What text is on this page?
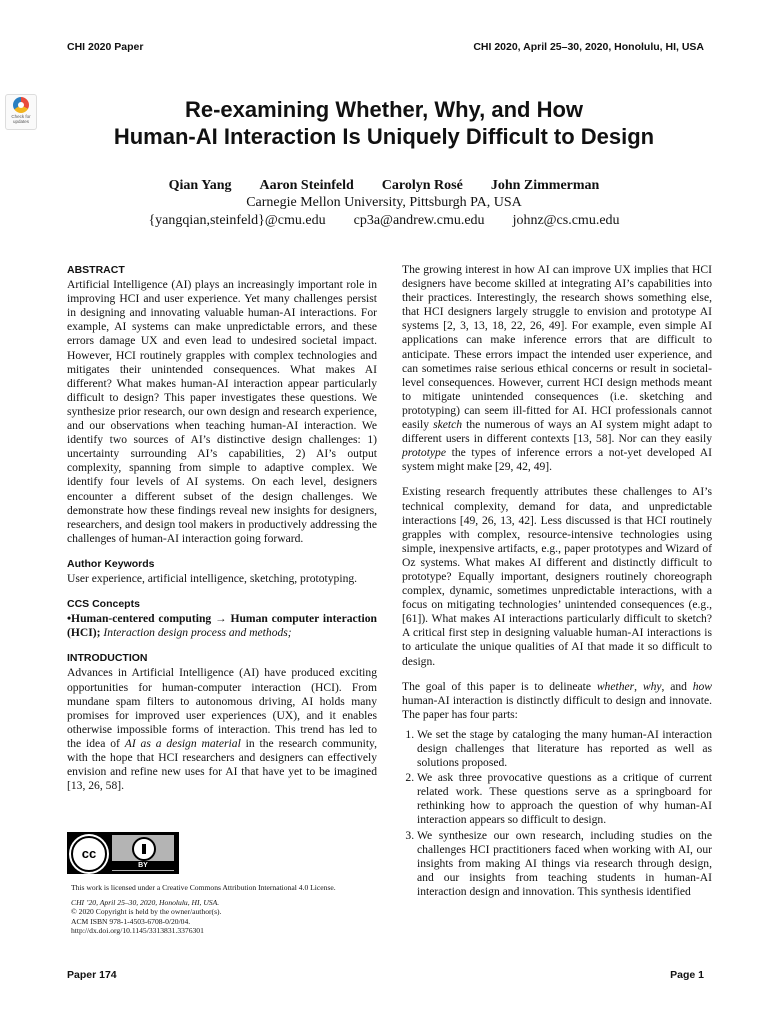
CHI 2020 Paper	CHI 2020, April 25–30, 2020, Honolulu, HI, USA
Check for updates	Re-examining Whether, Why, and How
Human-AI Interaction Is Uniquely Difficult to Design
Qian Yang Aaron Steinfeld Carolyn Rosé John Zimmerman
Carnegie Mellon University, Pittsburgh PA, USA
{yangqian,steinfeld}@cmu.edu cp3a@andrew.cmu.edu johnz@cs.cmu.edu
ABSTRACT

Artificial Intelligence (AI) plays an increasingly important role in improving HCI and user experience. Yet many challenges persist in designing and innovating valuable human-AI interactions. For example, AI systems can make unpredictable errors, and these errors damage UX and even lead to undesired societal impact. However, HCI routinely grapples with complex technologies and mitigates their unintended consequences. What makes AI different? What makes human-AI interaction appear particularly difficult to design? This paper investigates these questions. We synthesize prior research, our own design and research experience, and our observations when teaching human-AI interaction. We identify two sources of AI’s distinctive design challenges: 1) uncertainty surrounding AI’s capabilities, 2) AI’s output complexity, spanning from simple to adaptive complex. We identify four levels of AI systems. On each level, designers encounter a different subset of the design challenges. We demonstrate how these findings reveal new insights for designers, researchers, and design tool makers in productively addressing the challenges of human-AI interaction going forward.

Author Keywords

User experience, artificial intelligence, sketching, prototyping.

CCS Concepts

•Human-centered computing → Human computer interaction (HCI); Interaction design process and methods;

INTRODUCTION

Advances in Artificial Intelligence (AI) have produced exciting opportunities for human-computer interaction (HCI). From mundane spam filters to autonomous driving, AI holds many promises for improved user experiences (UX), and it enables otherwise impossible forms of interaction. This trend has led to the idea of AI as a design material in the research community, with the hope that HCI researchers and designers can effectively envision and refine new uses for AI that have yet to be imagined [13, 26, 58].

cc
BY

This work is licensed under a Creative Commons Attribution International 4.0 License.

CHI ’20, April 25–30, 2020, Honolulu, HI, USA.

© 2020 Copyright is held by the owner/author(s).

ACM ISBN 978-1-4503-6708-0/20/04.

http://dx.doi.org/10.1145/3313831.3376301

The growing interest in how AI can improve UX implies that HCI designers have become skilled at integrating AI’s capabilities into their practices. Interestingly, the research shows something else, that HCI designers largely struggle to envision and prototype AI systems [2, 3, 13, 18, 22, 26, 49]. For example, even simple AI applications can make inference errors that are difficult to anticipate. These errors impact the intended user experience, and can sometimes raise serious ethical concerns or result in societal-level consequences. However, current HCI design methods meant to mitigate unintended consequences (i.e. sketching and prototyping) can seem ill-fitted for AI. HCI professionals cannot easily sketch the numerous of ways an AI system might adapt to different users in different contexts [13, 58]. Nor can they easily prototype the types of inference errors a not-yet developed AI system might make [29, 42, 49].

Existing research frequently attributes these challenges to AI’s technical complexity, demand for data, and unpredictable interactions [49, 26, 13, 42]. Less discussed is that HCI routinely grapples with complex, resource-intensive technologies using simple, inexpensive artifacts, e.g., paper prototypes and Wizard of Oz systems. What makes AI different and distinctly difficult to prototype? Equally important, designers routinely choreograph complex, dynamic, sometimes unpredictable interactions, with a focus on mitigating technologies’ unintended consequences (e.g., [61]). What makes AI interactions particularly difficult to sketch? A critical first step in designing valuable human-AI interactions is to articulate the unique qualities of AI that made it so difficult to design.

The goal of this paper is to delineate whether, why, and how human-AI interaction is distinctly difficult to design and innovate. The paper has four parts:

1. We set the stage by cataloging the many human-AI interaction design challenges that literature has reported as well as solutions proposed.
2. We ask three provocative questions as a critique of current related work. These questions serve as a springboard for rethinking how to approach the question of why human-AI interaction appears so difficult to design.
3. We synthesize our own research, including studies on the challenges HCI practitioners faced when working with AI, our insights from making AI things via research through design, and our insights from teaching students in human-AI interaction design and innovation. This synthesis identified
Paper 174	Page 1
